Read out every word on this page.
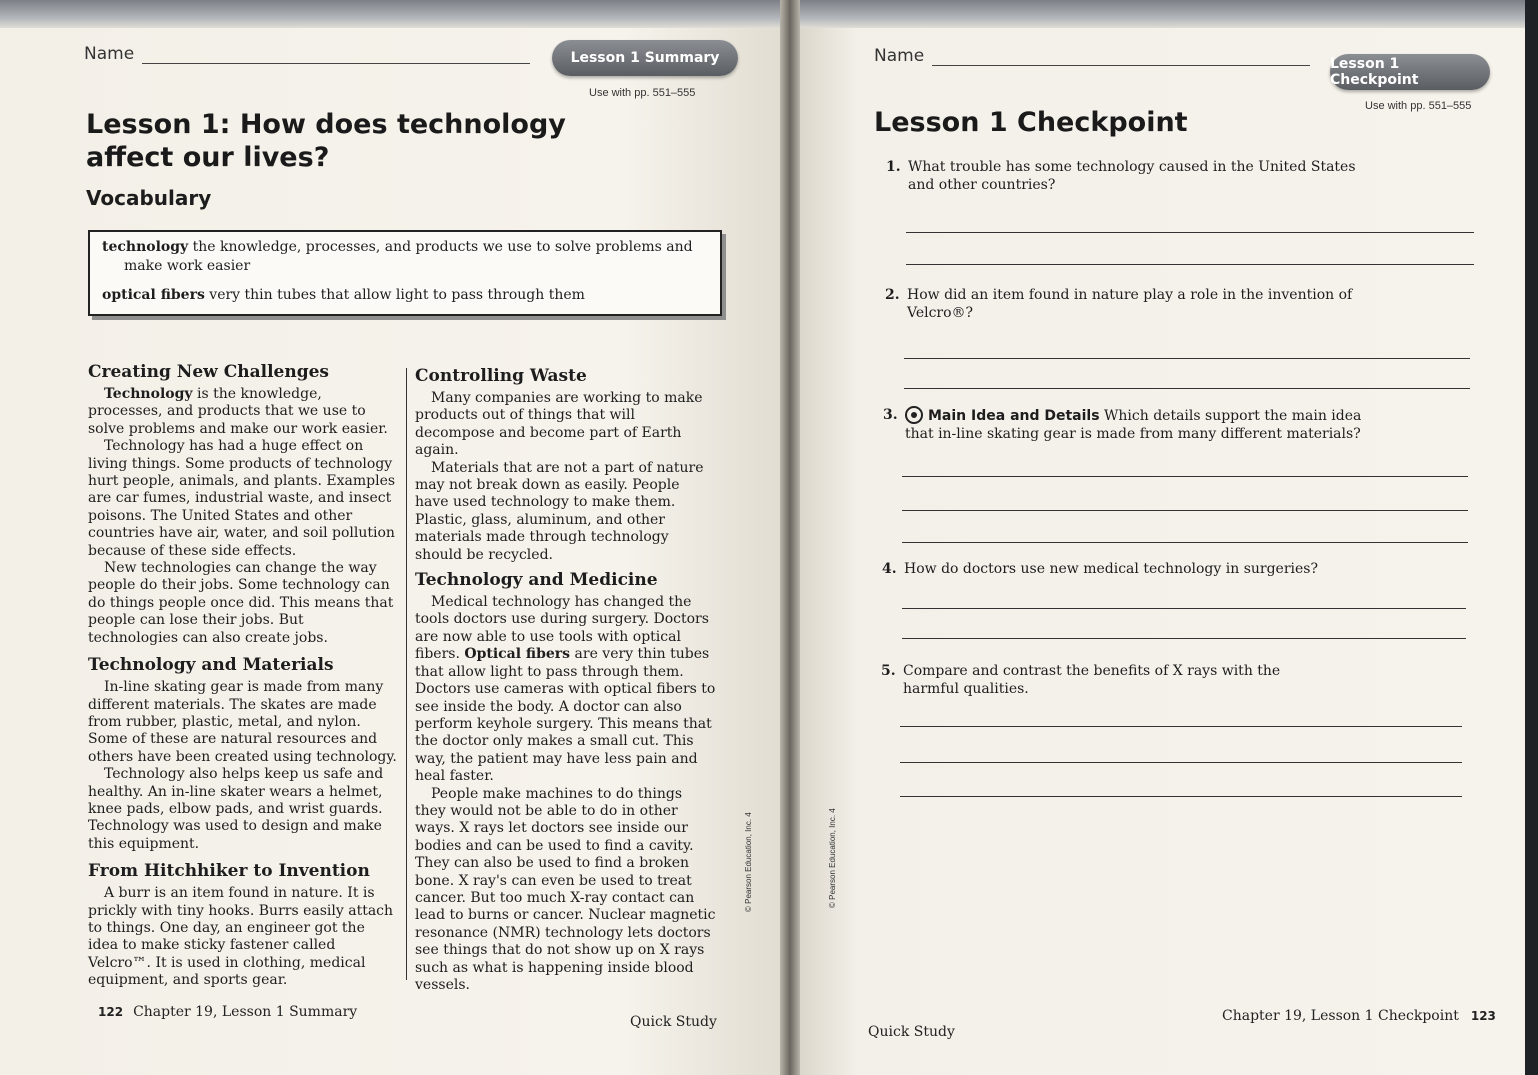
Name	Lesson 1 Summary
Use with pp. 551–555
Lesson 1: How does technology
affect our lives?
Vocabulary
technology the knowledge, processes, and products we use to solve problems and make work easier
optical fibers very thin tubes that allow light to pass through them
Creating New Challenges

Technology is the knowledge, processes, and products that we use to solve problems and make our work easier.

Technology has had a huge effect on living things. Some products of technology hurt people, animals, and plants. Examples are car fumes, industrial waste, and insect poisons. The United States and other countries have air, water, and soil pollution because of these side effects.

New technologies can change the way people do their jobs. Some technology can do things people once did. This means that people can lose their jobs. But technologies can also create jobs.

Technology and Materials

In-line skating gear is made from many different materials. The skates are made from rubber, plastic, metal, and nylon. Some of these are natural resources and others have been created using technology.

Technology also helps keep us safe and healthy. An in-line skater wears a helmet, knee pads, elbow pads, and wrist guards. Technology was used to design and make this equipment.

From Hitchhiker to Invention

A burr is an item found in nature. It is prickly with tiny hooks. Burrs easily attach to things. One day, an engineer got the idea to make sticky fastener called Velcro™. It is used in clothing, medical equipment, and sports gear.

Controlling Waste

Many companies are working to make products out of things that will decompose and become part of Earth again.

Materials that are not a part of nature may not break down as easily. People have used technology to make them. Plastic, glass, aluminum, and other materials made through technology should be recycled.

Technology and Medicine

Medical technology has changed the tools doctors use during surgery. Doctors are now able to use tools with optical fibers. Optical fibers are very thin tubes that allow light to pass through them. Doctors use cameras with optical fibers to see inside the body. A doctor can also perform keyhole surgery. This means that the doctor only makes a small cut. This way, the patient may have less pain and heal faster.

People make machines to do things they would not be able to do in other ways. X rays let doctors see inside our bodies and can be used to find a cavity. They can also be used to find a broken bone. X ray's can even be used to treat cancer. But too much X-ray contact can lead to burns or cancer. Nuclear magnetic resonance (NMR) technology lets doctors see things that do not show up on X rays such as what is happening inside blood vessels.

© Pearson Education, Inc. 4
122 Chapter 19, Lesson 1 Summary
Quick Study
Name	Lesson 1 Checkpoint
Use with pp. 551–555
Lesson 1 Checkpoint
1. What trouble has some technology caused in the United States and other countries?
2. How did an item found in nature play a role in the invention of Velcro®?
3. Main Idea and Details Which details support the main idea that in-line skating gear is made from many different materials?
4. How do doctors use new medical technology in surgeries?
5. Compare and contrast the benefits of X rays with the harmful qualities.
© Pearson Education, Inc. 4
Quick Study
Chapter 19, Lesson 1 Checkpoint 123
